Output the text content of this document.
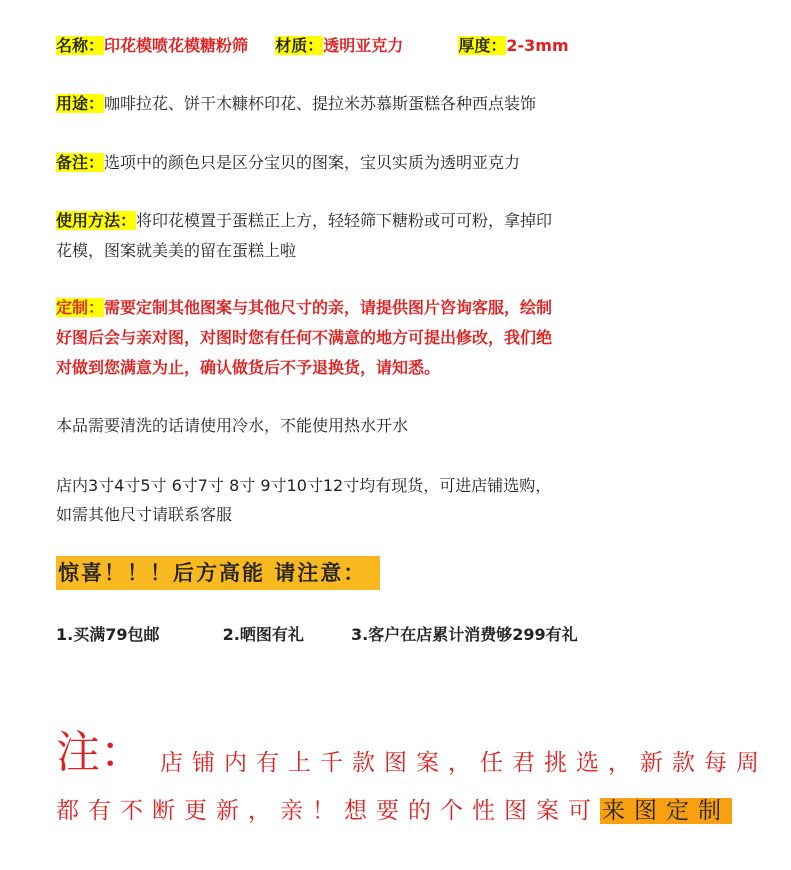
名称：印花模喷花模糖粉筛 材质：透明亚克力	厚度：2-3mm
用途：咖啡拉花、饼干木糠杯印花、提拉米苏慕斯蛋糕各种西点装饰
备注：选项中的颜色只是区分宝贝的图案，宝贝实质为透明亚克力
使用方法：将印花模置于蛋糕正上方，轻轻筛下糖粉或可可粉，拿掉印
花模，图案就美美的留在蛋糕上啦
定制：需要定制其他图案与其他尺寸的亲，请提供图片咨询客服，绘制
好图后会与亲对图，对图时您有任何不满意的地方可提出修改，我们绝
对做到您满意为止，确认做货后不予退换货，请知悉。
本品需要清洗的话请使用冷水，不能使用热水开水
店内3寸4寸5寸 6寸7寸 8寸 9寸10寸12寸均有现货，可进店铺选购，
如需其他尺寸请联系客服
惊喜！！！后方高能 请注意：
1.买满79包邮	2.晒图有礼	3.客户在店累计消费够299有礼
注： 店铺内有上千款图案，任君挑选，新款每周
都有不断更新，亲！想要的个性图案可来图定制
